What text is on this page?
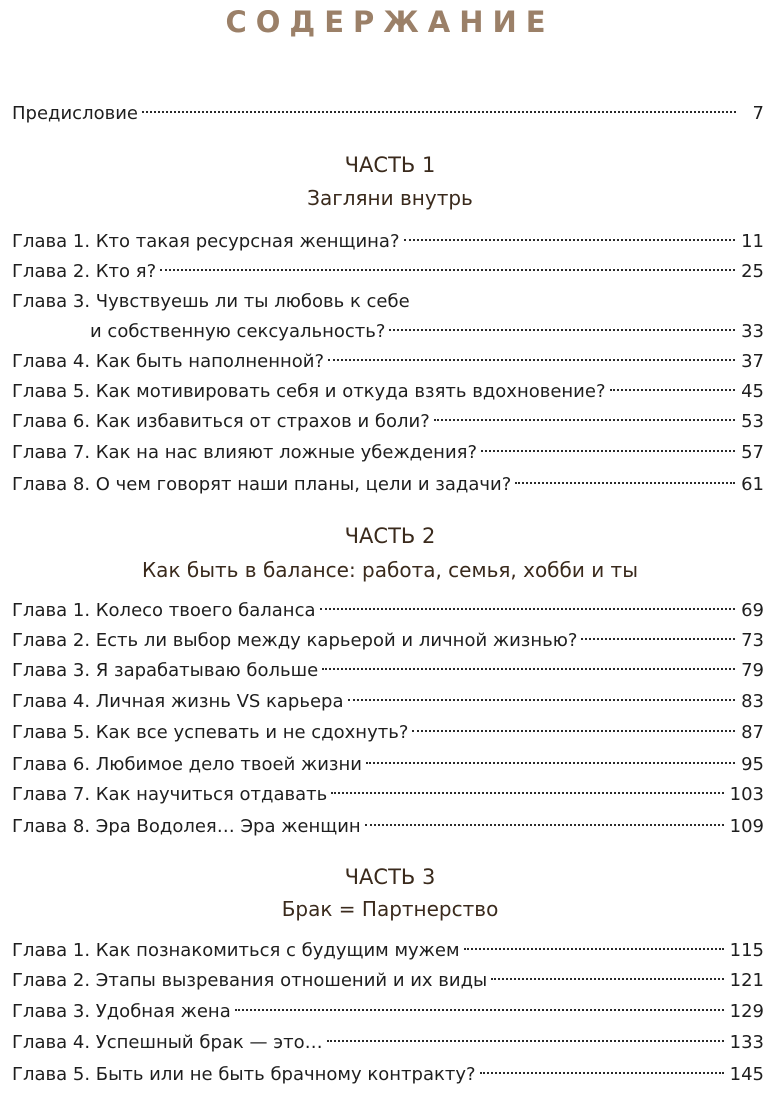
СОДЕРЖАНИЕ
Предисловие	7
ЧАСТЬ 1
Загляни внутрь
Глава 1. Кто такая ресурсная женщина?	11
Глава 2. Кто я?	25
Глава 3. Чувствуешь ли ты любовь к себе
и собственную сексуальность?	33
Глава 4. Как быть наполненной?	37
Глава 5. Как мотивировать себя и откуда взять вдохновение?	45
Глава 6. Как избавиться от страхов и боли?	53
Глава 7. Как на нас влияют ложные убеждения?	57
Глава 8. О чем говорят наши планы, цели и задачи?	61
ЧАСТЬ 2
Как быть в балансе: работа, семья, хобби и ты
Глава 1. Колесо твоего баланса	69
Глава 2. Есть ли выбор между карьерой и личной жизнью?	73
Глава 3. Я зарабатываю больше	79
Глава 4. Личная жизнь VS карьера	83
Глава 5. Как все успевать и не сдохнуть?	87
Глава 6. Любимое дело твоей жизни	95
Глава 7. Как научиться отдавать	103
Глава 8. Эра Водолея… Эра женщин	109
ЧАСТЬ 3
Брак = Партнерство
Глава 1. Как познакомиться с будущим мужем	115
Глава 2. Этапы вызревания отношений и их виды	121
Глава 3. Удобная жена	129
Глава 4. Успешный брак — это…	133
Глава 5. Быть или не быть брачному контракту?	145
